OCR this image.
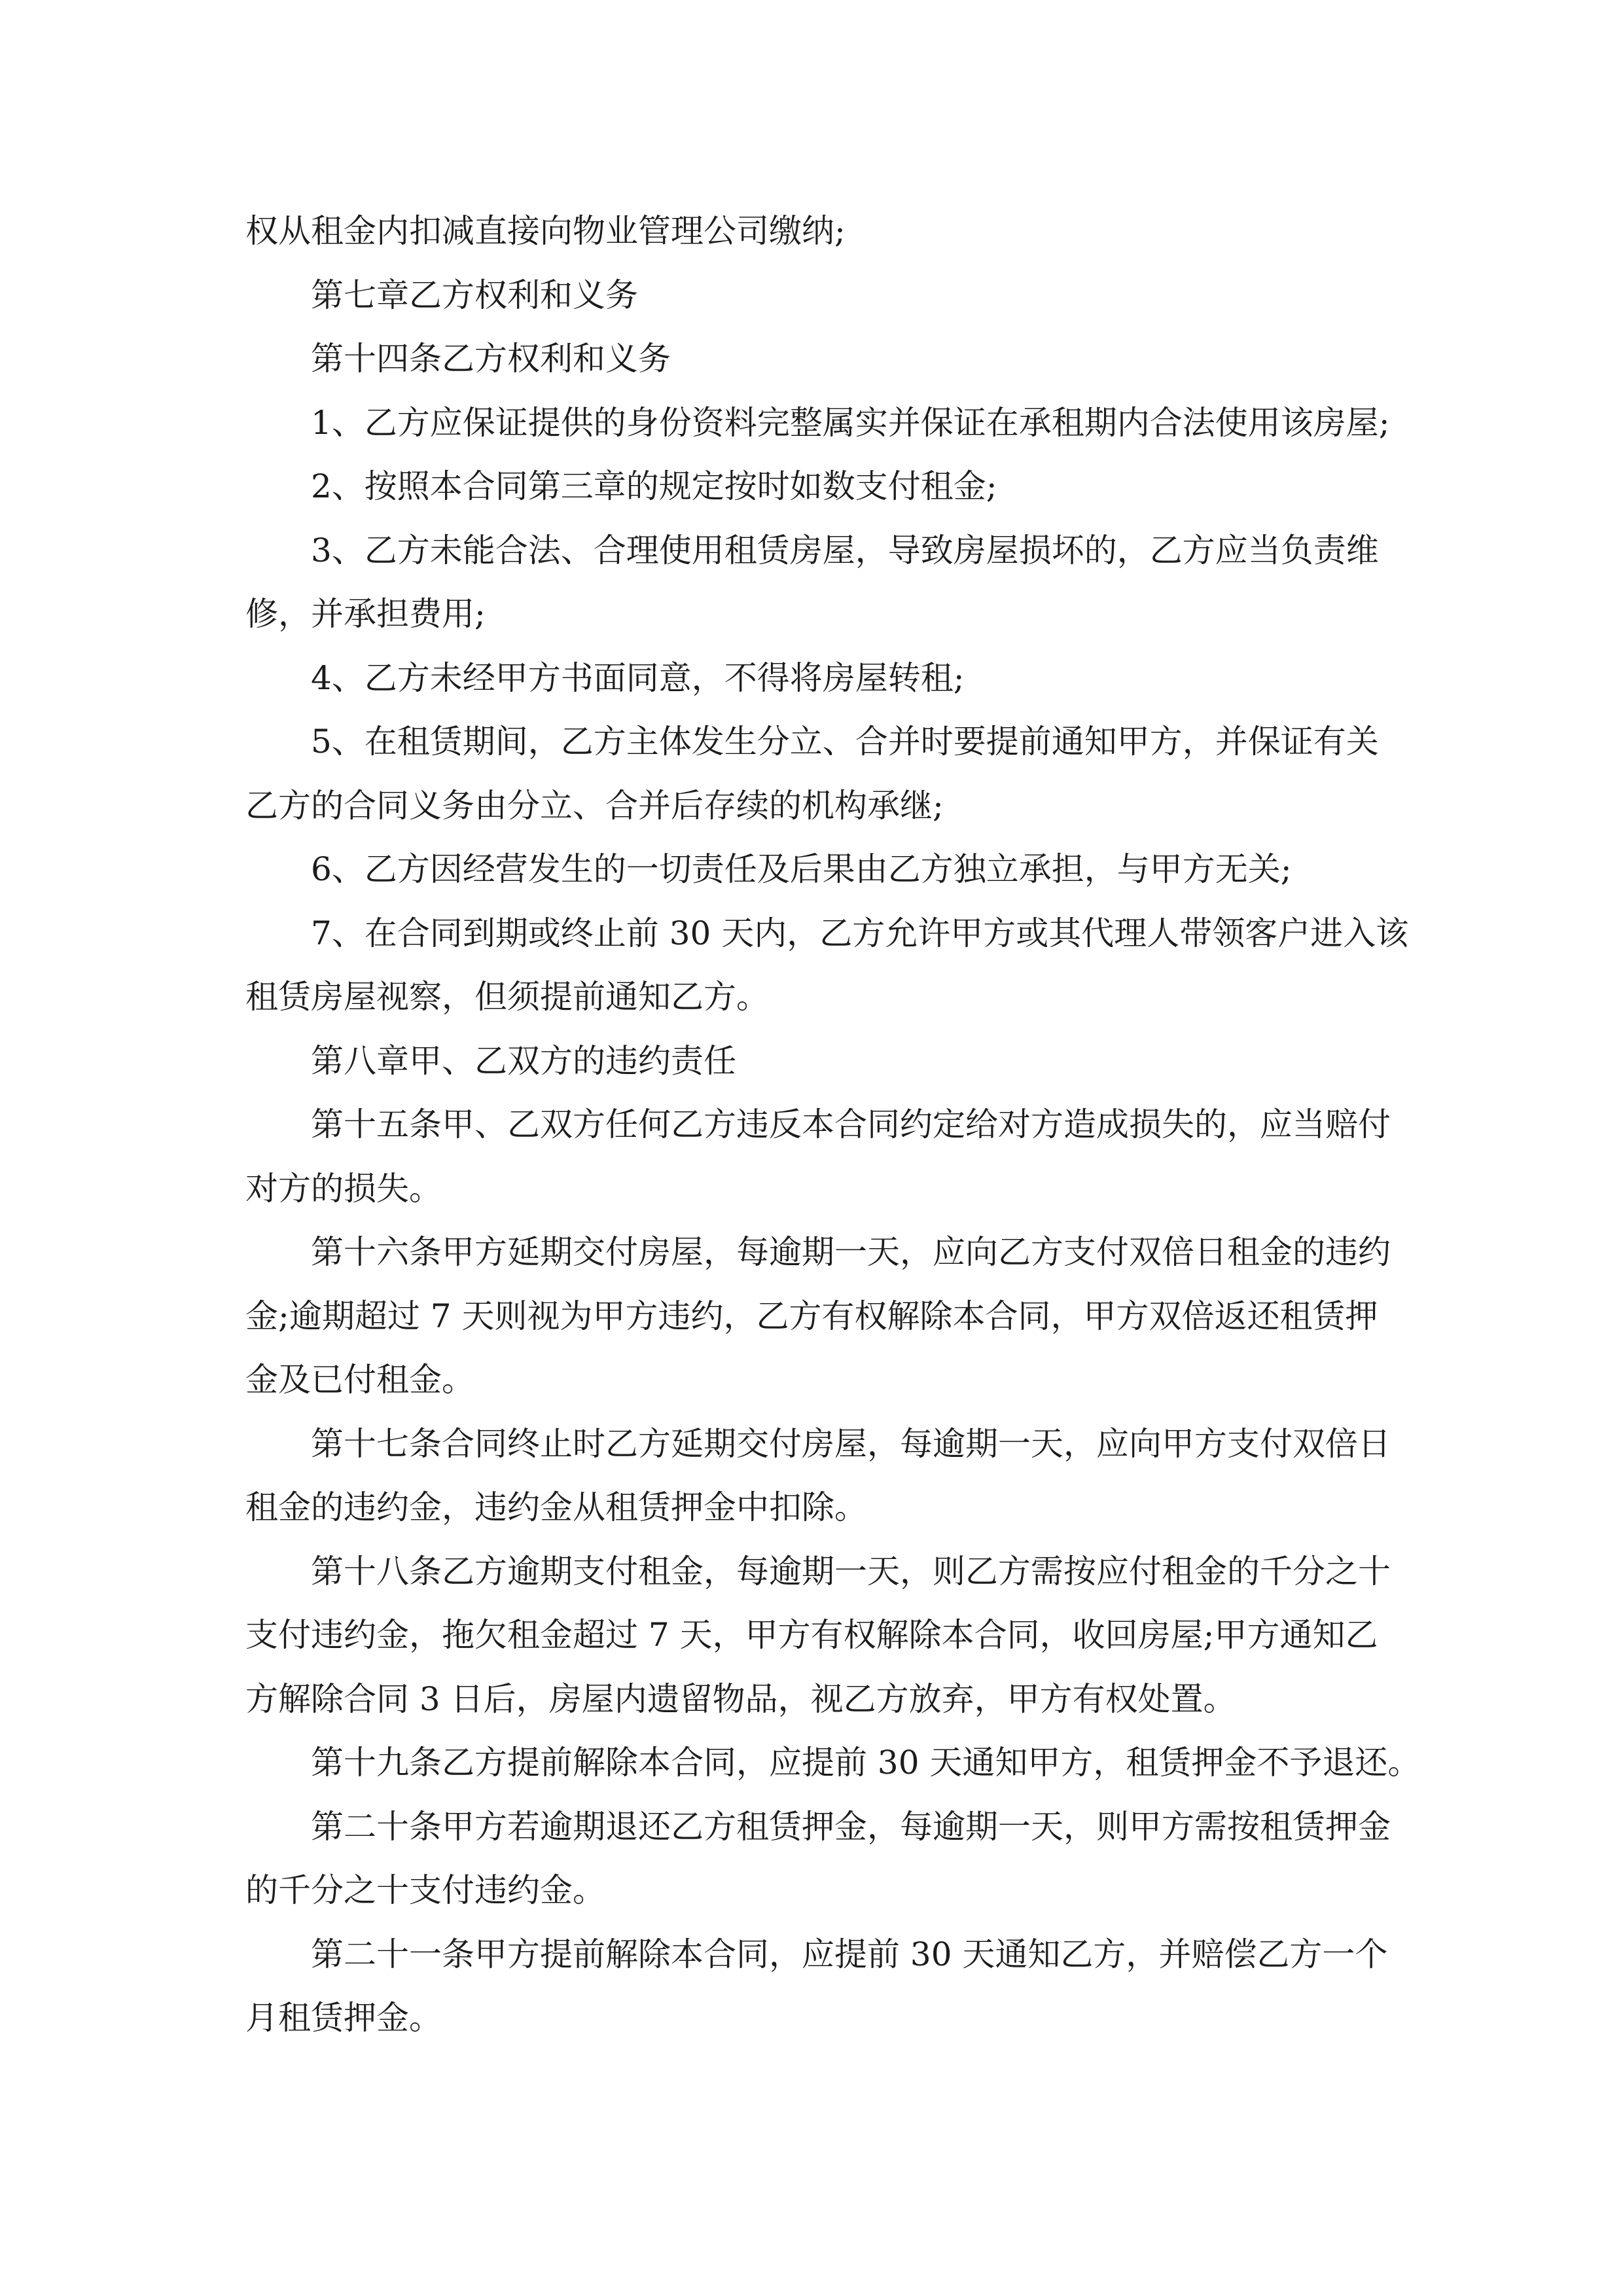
权从租金内扣减直接向物业管理公司缴纳;

第七章乙方权利和义务

第十四条乙方权利和义务

1、乙方应保证提供的身份资料完整属实并保证在承租期内合法使用该房屋;

2、按照本合同第三章的规定按时如数支付租金;

3、乙方未能合法、合理使用租赁房屋，导致房屋损坏的，乙方应当负责维
修，并承担费用;

4、乙方未经甲方书面同意，不得将房屋转租;

5、在租赁期间，乙方主体发生分立、合并时要提前通知甲方，并保证有关
乙方的合同义务由分立、合并后存续的机构承继;

6、乙方因经营发生的一切责任及后果由乙方独立承担，与甲方无关;

7、在合同到期或终止前 30 天内，乙方允许甲方或其代理人带领客户进入该
租赁房屋视察，但须提前通知乙方。

第八章甲、乙双方的违约责任

第十五条甲、乙双方任何乙方违反本合同约定给对方造成损失的，应当赔付
对方的损失。

第十六条甲方延期交付房屋，每逾期一天，应向乙方支付双倍日租金的违约
金;逾期超过 7 天则视为甲方违约，乙方有权解除本合同，甲方双倍返还租赁押
金及已付租金。

第十七条合同终止时乙方延期交付房屋，每逾期一天，应向甲方支付双倍日
租金的违约金，违约金从租赁押金中扣除。

第十八条乙方逾期支付租金，每逾期一天，则乙方需按应付租金的千分之十
支付违约金，拖欠租金超过 7 天，甲方有权解除本合同，收回房屋;甲方通知乙
方解除合同 3 日后，房屋内遗留物品，视乙方放弃，甲方有权处置。

第十九条乙方提前解除本合同，应提前 30 天通知甲方，租赁押金不予退还。

第二十条甲方若逾期退还乙方租赁押金，每逾期一天，则甲方需按租赁押金
的千分之十支付违约金。

第二十一条甲方提前解除本合同，应提前 30 天通知乙方，并赔偿乙方一个
月租赁押金。
